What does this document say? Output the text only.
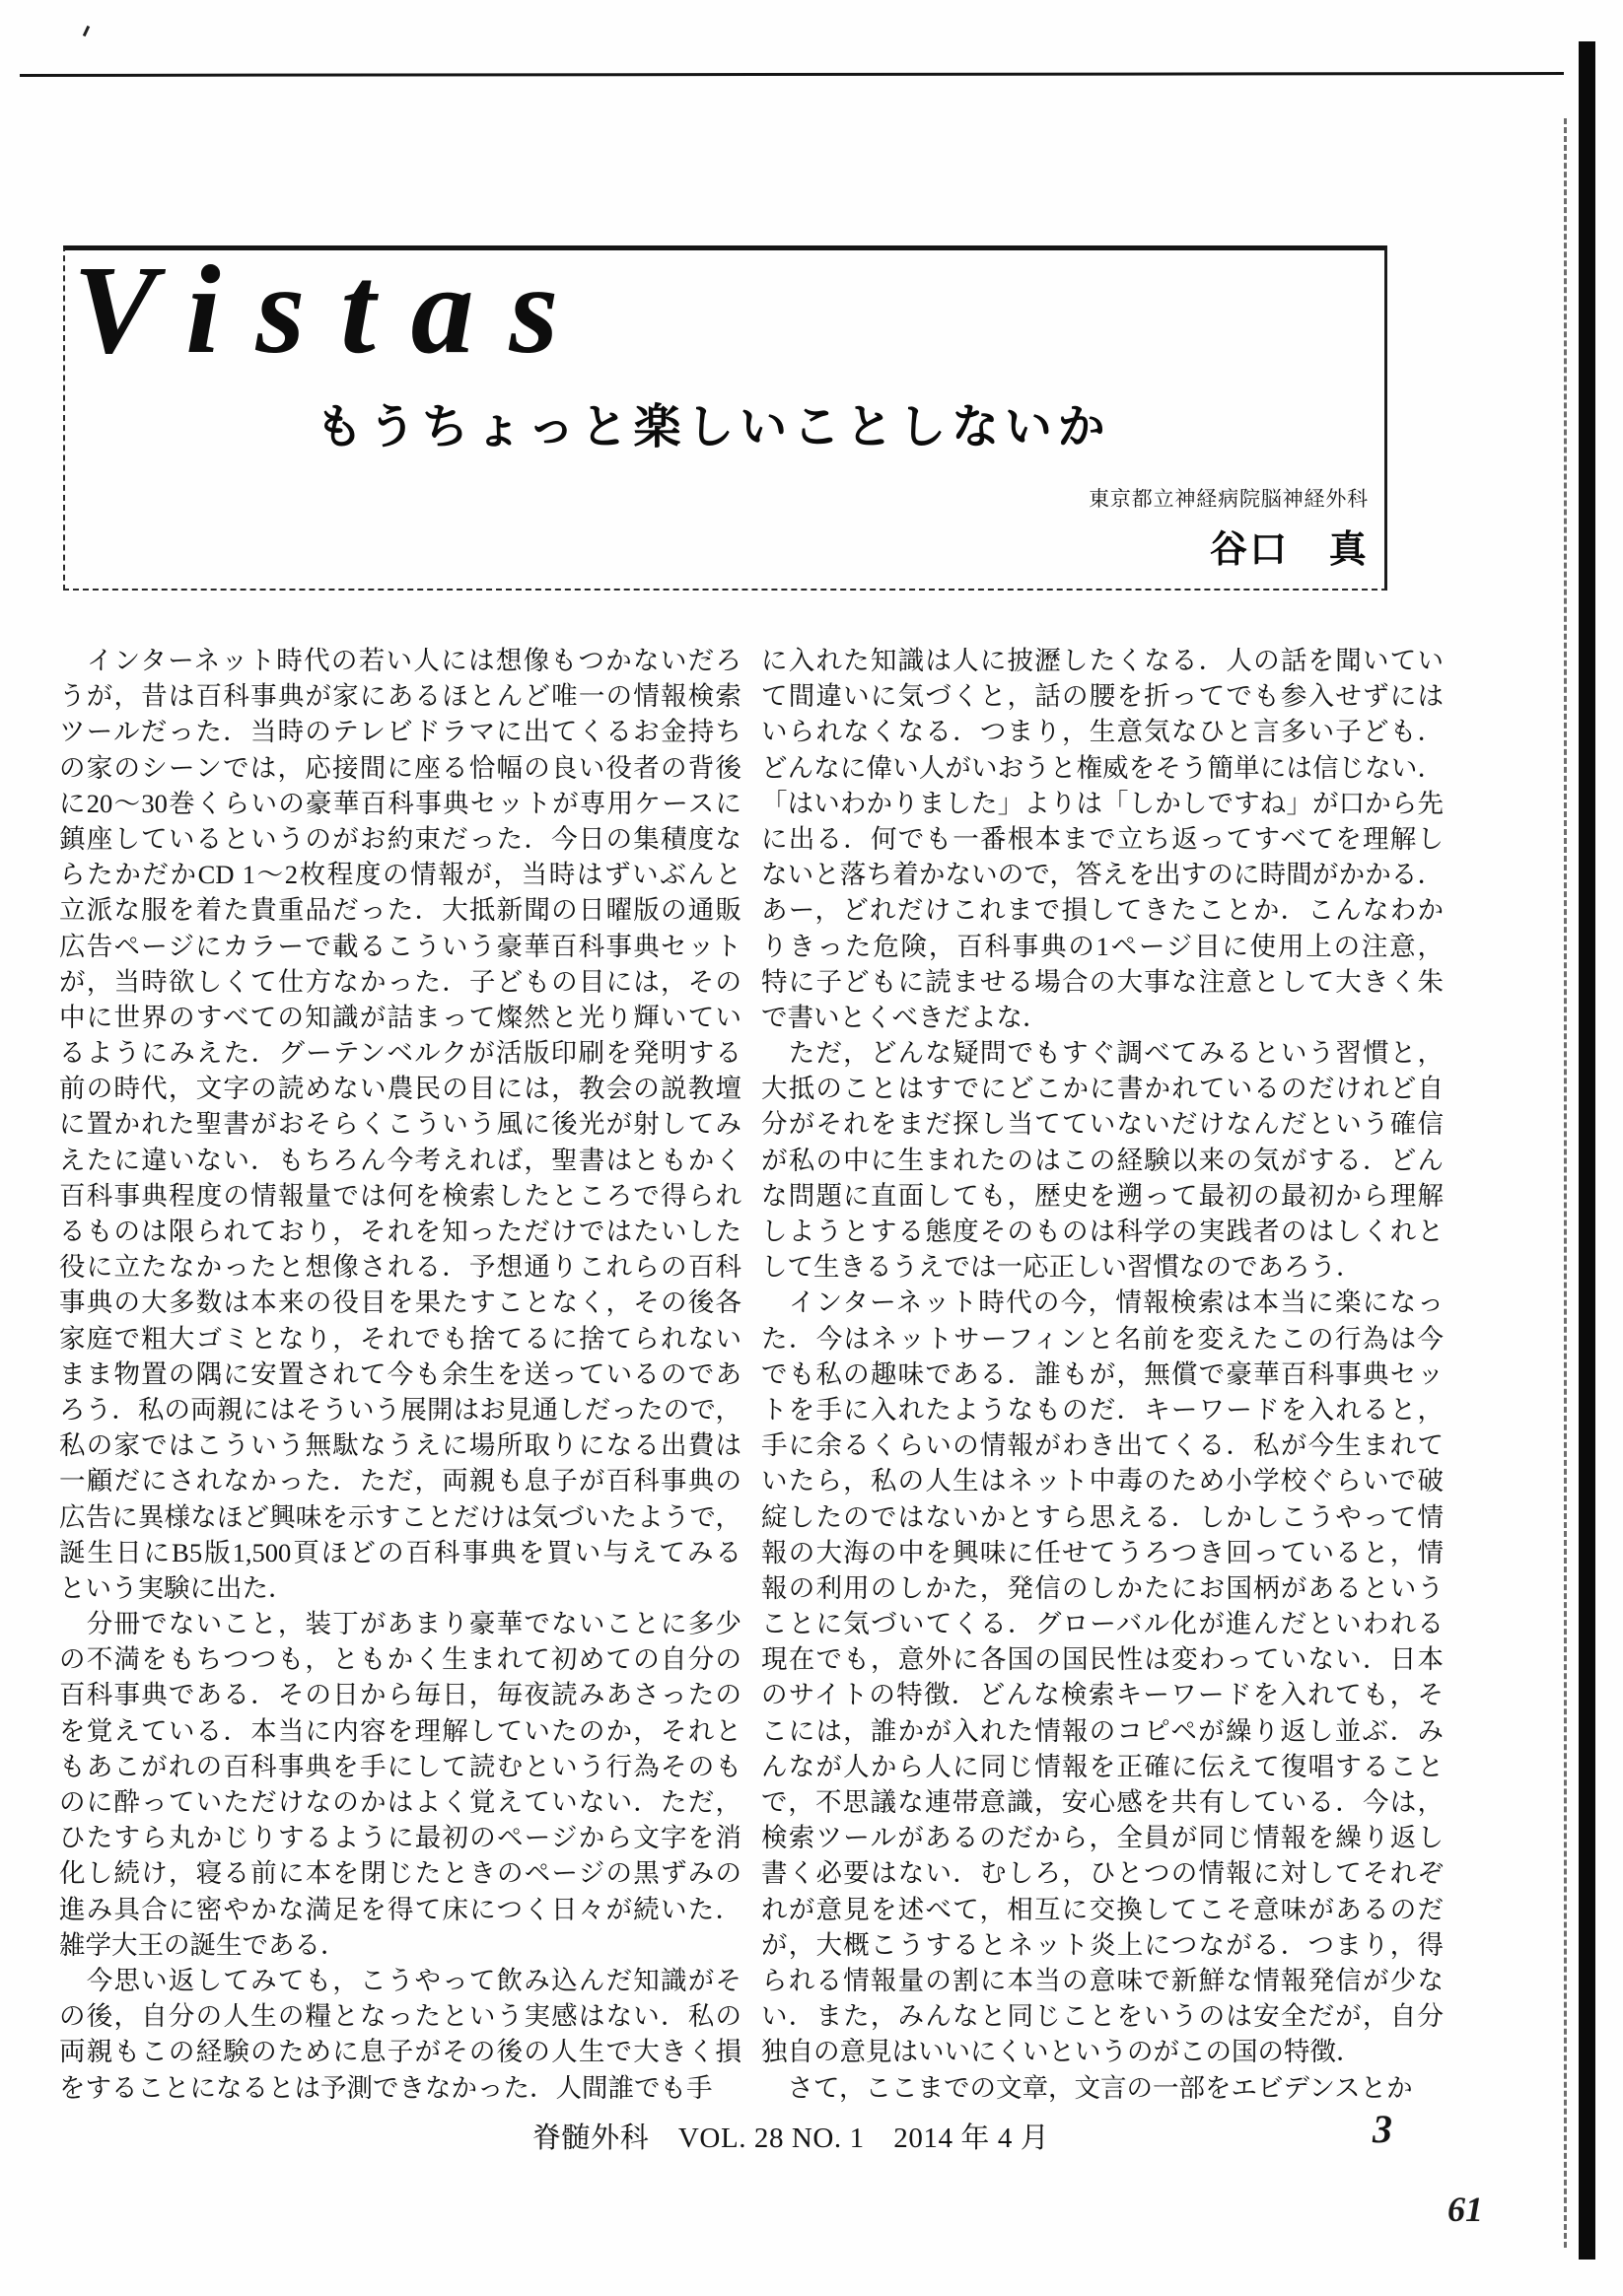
Vistas
もうちょっと楽しいことしないか
東京都立神経病院脳神経外科
谷口　真
　インターネット時代の若い人には想像もつかないだろ
うが，昔は百科事典が家にあるほとんど唯一の情報検索
ツールだった．当時のテレビドラマに出てくるお金持ち
の家のシーンでは，応接間に座る恰幅の良い役者の背後
に20〜30巻くらいの豪華百科事典セットが専用ケースに
鎮座しているというのがお約束だった．今日の集積度な
らたかだかCD 1〜2枚程度の情報が，当時はずいぶんと
立派な服を着た貴重品だった．大抵新聞の日曜版の通販
広告ページにカラーで載るこういう豪華百科事典セット
が，当時欲しくて仕方なかった．子どもの目には，その
中に世界のすべての知識が詰まって燦然と光り輝いてい
るようにみえた．グーテンベルクが活版印刷を発明する
前の時代，文字の読めない農民の目には，教会の説教壇
に置かれた聖書がおそらくこういう風に後光が射してみ
えたに違いない．もちろん今考えれば，聖書はともかく
百科事典程度の情報量では何を検索したところで得られ
るものは限られており，それを知っただけではたいした
役に立たなかったと想像される．予想通りこれらの百科
事典の大多数は本来の役目を果たすことなく，その後各
家庭で粗大ゴミとなり，それでも捨てるに捨てられない
まま物置の隅に安置されて今も余生を送っているのであ
ろう．私の両親にはそういう展開はお見通しだったので，
私の家ではこういう無駄なうえに場所取りになる出費は
一顧だにされなかった．ただ，両親も息子が百科事典の
広告に異様なほど興味を示すことだけは気づいたようで，
誕生日にB5版1,500頁ほどの百科事典を買い与えてみる
という実験に出た．
　分冊でないこと，装丁があまり豪華でないことに多少
の不満をもちつつも，ともかく生まれて初めての自分の
百科事典である．その日から毎日，毎夜読みあさったの
を覚えている．本当に内容を理解していたのか，それと
もあこがれの百科事典を手にして読むという行為そのも
のに酔っていただけなのかはよく覚えていない．ただ，
ひたすら丸かじりするように最初のページから文字を消
化し続け，寝る前に本を閉じたときのページの黒ずみの
進み具合に密やかな満足を得て床につく日々が続いた．
雑学大王の誕生である．
　今思い返してみても，こうやって飲み込んだ知識がそ
の後，自分の人生の糧となったという実感はない．私の
両親もこの経験のために息子がその後の人生で大きく損
をすることになるとは予測できなかった．人間誰でも手
に入れた知識は人に披瀝したくなる．人の話を聞いてい
て間違いに気づくと，話の腰を折ってでも参入せずには
いられなくなる．つまり，生意気なひと言多い子ども．
どんなに偉い人がいおうと権威をそう簡単には信じない．
「はいわかりました」よりは「しかしですね」が口から先
に出る．何でも一番根本まで立ち返ってすべてを理解し
ないと落ち着かないので，答えを出すのに時間がかかる．
あー，どれだけこれまで損してきたことか．こんなわか
りきった危険，百科事典の1ページ目に使用上の注意，
特に子どもに読ませる場合の大事な注意として大きく朱
で書いとくべきだよな．
　ただ，どんな疑問でもすぐ調べてみるという習慣と，
大抵のことはすでにどこかに書かれているのだけれど自
分がそれをまだ探し当てていないだけなんだという確信
が私の中に生まれたのはこの経験以来の気がする．どん
な問題に直面しても，歴史を遡って最初の最初から理解
しようとする態度そのものは科学の実践者のはしくれと
して生きるうえでは一応正しい習慣なのであろう．
　インターネット時代の今，情報検索は本当に楽になっ
た．今はネットサーフィンと名前を変えたこの行為は今
でも私の趣味である．誰もが，無償で豪華百科事典セッ
トを手に入れたようなものだ．キーワードを入れると，
手に余るくらいの情報がわき出てくる．私が今生まれて
いたら，私の人生はネット中毒のため小学校ぐらいで破
綻したのではないかとすら思える．しかしこうやって情
報の大海の中を興味に任せてうろつき回っていると，情
報の利用のしかた，発信のしかたにお国柄があるという
ことに気づいてくる．グローバル化が進んだといわれる
現在でも，意外に各国の国民性は変わっていない．日本
のサイトの特徴．どんな検索キーワードを入れても，そ
こには，誰かが入れた情報のコピペが繰り返し並ぶ．み
んなが人から人に同じ情報を正確に伝えて復唱すること
で，不思議な連帯意識，安心感を共有している．今は，
検索ツールがあるのだから，全員が同じ情報を繰り返し
書く必要はない．むしろ，ひとつの情報に対してそれぞ
れが意見を述べて，相互に交換してこそ意味があるのだ
が，大概こうするとネット炎上につながる．つまり，得
られる情報量の割に本当の意味で新鮮な情報発信が少な
い．また，みんなと同じことをいうのは安全だが，自分
独自の意見はいいにくいというのがこの国の特徴．
　さて，ここまでの文章，文言の一部をエビデンスとか
脊髄外科　VOL. 28 NO. 1　2014 年 4 月	3
61
